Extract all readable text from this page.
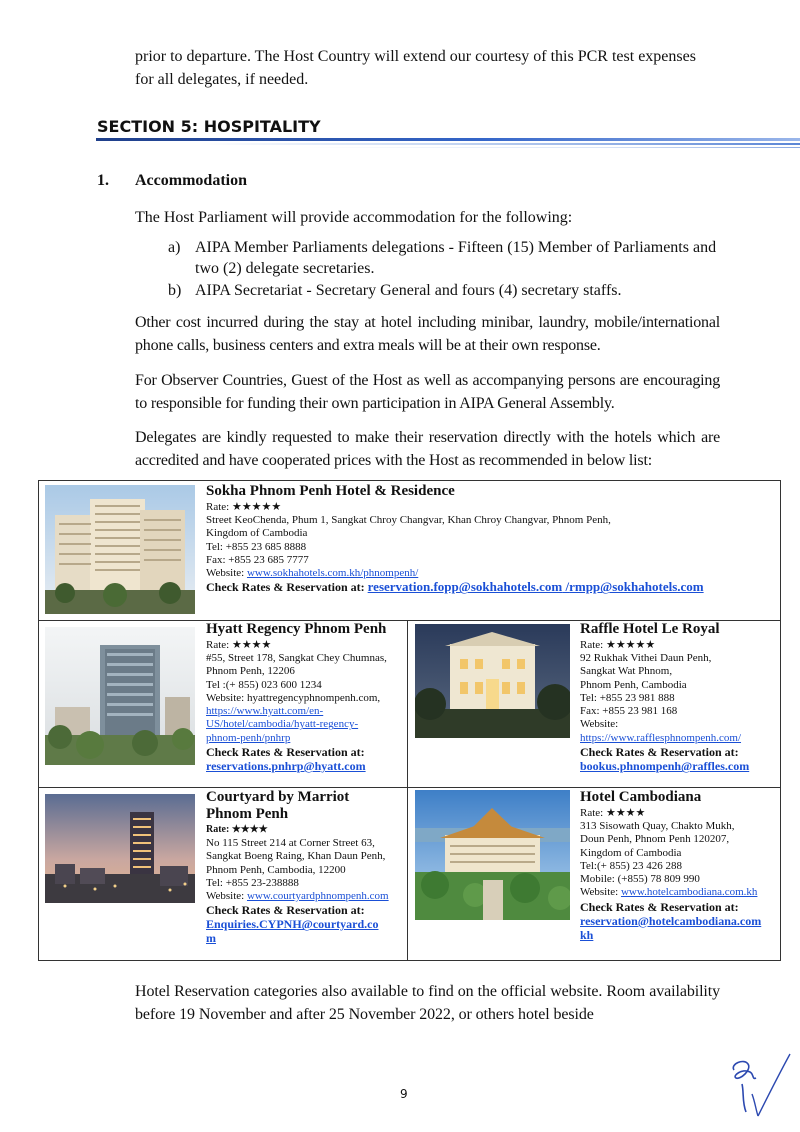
prior to departure. The Host Country will extend our courtesy of this PCR test expenses
for all delegates, if needed.
SECTION 5: HOSPITALITY
1. Accommodation
The Host Parliament will provide accommodation for the following:
a) AIPA Member Parliaments delegations - Fifteen (15) Member of Parliaments and two (2) delegate secretaries.
b) AIPA Secretariat - Secretary General and fours (4) secretary staffs.
Other cost incurred during the stay at hotel including minibar, laundry, mobile/international phone calls, business centers and extra meals will be at their own response.
For Observer Countries, Guest of the Host as well as accompanying persons are encouraging to responsible for funding their own participation in AIPA General Assembly.
Delegates are kindly requested to make their reservation directly with the hotels which are accredited and have cooperated prices with the Host as recommended in below list:
Sokha Phnom Penh Hotel & Residence
Rate: ★★★★★
Street KeoChenda, Phum 1, Sangkat Chroy Changvar, Khan Chroy Changvar, Phnom Penh,
Kingdom of Cambodia
Tel: +855 23 685 8888
Fax: +855 23 685 7777
Website: www.sokhahotels.com.kh/phnompenh/
Check Rates & Reservation at: reservation.fopp@sokhahotels.com /rmpp@sokhahotels.com
Hyatt Regency Phnom Penh
Rate: ★★★★
#55, Street 178, Sangkat Chey Chumnas,
Phnom Penh, 12206
Tel :(+ 855) 023 600 1234
Website: hyattregencyphnompenh.com,
https://www.hyatt.com/en-
US/hotel/cambodia/hyatt-regency-
phnom-penh/pnhrp
Check Rates & Reservation at:
reservations.pnhrp@hyatt.com
Raffle Hotel Le Royal
Rate: ★★★★★
92 Rukhak Vithei Daun Penh,
Sangkat Wat Phnom,
Phnom Penh, Cambodia
Tel: +855 23 981 888
Fax: +855 23 981 168
Website:
https://www.rafflesphnompenh.com/
Check Rates & Reservation at:
bookus.phnompenh@raffles.com
Courtyard by Marriot
Phnom Penh
Rate: ★★★★
No 115 Street 214 at Corner Street 63,
Sangkat Boeng Raing, Khan Daun Penh,
Phnom Penh, Cambodia, 12200
Tel: +855 23-238888
Website: www.courtyardphnompenh.com
Check Rates & Reservation at:
Enquiries.CYPNH@courtyard.co
m
Hotel Cambodiana
Rate: ★★★★
313 Sisowath Quay, Chakto Mukh,
Doun Penh, Phnom Penh 120207,
Kingdom of Cambodia
Tel:(+ 855) 23 426 288
Mobile: (+855) 78 809 990
Website: www.hotelcambodiana.com.kh
Check Rates & Reservation at:
reservation@hotelcambodiana.com
kh
Hotel Reservation categories also available to find on the official website. Room availability before 19 November and after 25 November 2022, or others hotel beside
9
